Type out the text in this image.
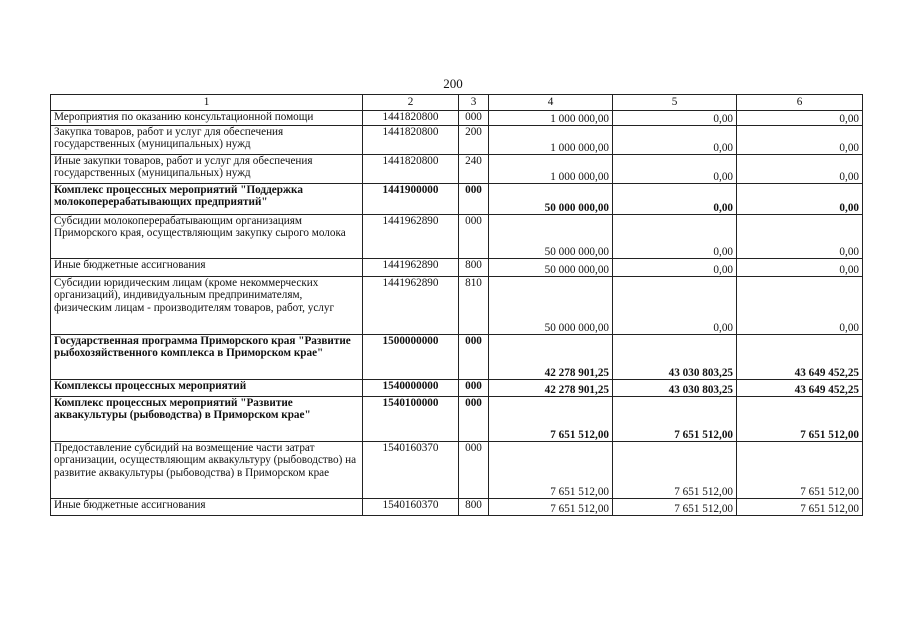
200
1	2	3	4	5	6
Мероприятия по оказанию консультационной помощи	1441820800	000	1 000 000,00	0,00	0,00
Закупка товаров, работ и услуг для обеспечения государственных (муниципальных) нужд	1441820800	200	1 000 000,00	0,00	0,00
Иные закупки товаров, работ и услуг для обеспечения государственных (муниципальных) нужд	1441820800	240	1 000 000,00	0,00	0,00
Комплекс процессных мероприятий "Поддержка молокоперерабатывающих предприятий"	1441900000	000	50 000 000,00	0,00	0,00
Субсидии молокоперерабатывающим организациям Приморского края, осуществляющим закупку сырого молока	1441962890	000	50 000 000,00	0,00	0,00
Иные бюджетные ассигнования	1441962890	800	50 000 000,00	0,00	0,00
Субсидии юридическим лицам (кроме некоммерческих организаций), индивидуальным предпринимателям, физическим лицам - производителям товаров, работ, услуг	1441962890	810	50 000 000,00	0,00	0,00
Государственная программа Приморского края "Развитие рыбохозяйственного комплекса в Приморском крае"	1500000000	000	42 278 901,25	43 030 803,25	43 649 452,25
Комплексы процессных мероприятий	1540000000	000	42 278 901,25	43 030 803,25	43 649 452,25
Комплекс процессных мероприятий "Развитие аквакультуры (рыбоводства) в Приморском крае"	1540100000	000	7 651 512,00	7 651 512,00	7 651 512,00
Предоставление субсидий на возмещение части затрат организации, осуществляющим аквакультуру (рыбоводство) на развитие аквакультуры (рыбоводства) в Приморском крае	1540160370	000	7 651 512,00	7 651 512,00	7 651 512,00
Иные бюджетные ассигнования	1540160370	800	7 651 512,00	7 651 512,00	7 651 512,00
